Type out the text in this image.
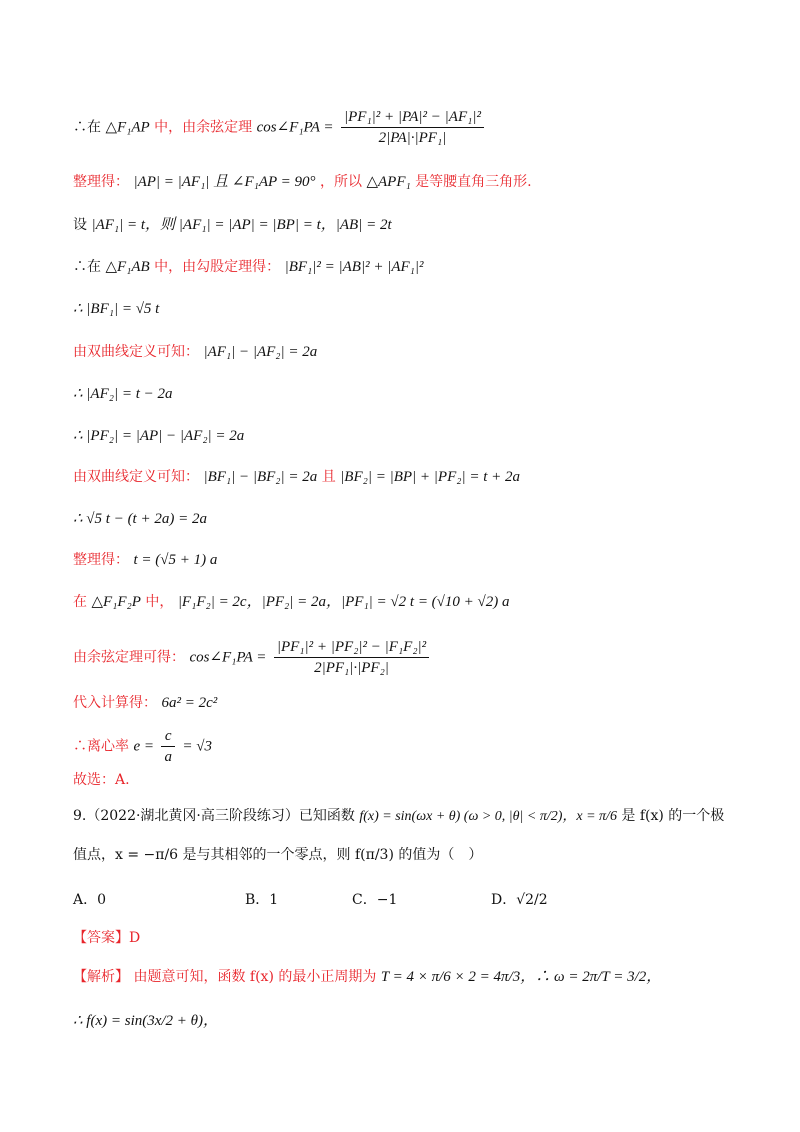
∴在 △F₁AP 中，由余弦定理 cos∠F₁PA = $\frac{\text{|PF₁|² + |PA|² − |AF₁|²}}{\text{2|PA|·|PF₁|}}$
整理得： |AP| = |AF₁| 且 ∠F₁AP = 90° ，所以 △APF₁ 是等腰直角三角形.
设 |AF₁| = t，则 |AF₁| = |AP| = |BP| = t，|AB| = 2t
∴在 △F₁AB 中，由勾股定理得： |BF₁|² = |AB|² + |AF₁|²
∴ |BF₁| = √5 t
由双曲线定义可知： |AF₁| − |AF₂| = 2a
∴ |AF₂| = t − 2a
∴ |PF₂| = |AP| − |AF₂| = 2a
由双曲线定义可知： |BF₁| − |BF₂| = 2a 且 |BF₂| = |BP| + |PF₂| = t + 2a
∴ √5 t − (t + 2a) = 2a
整理得： t = (√5 + 1) a
在 △F₁F₂P 中， |F₁F₂| = 2c，|PF₂| = 2a，|PF₁| = √2 t = (√10 + √2) a
由余弦定理可得： cos∠F₁PA = $\frac{\text{|PF₁|² + |PF₂|² − |F₁F₂|²}}{\text{2|PF₁|·|PF₂|}}$
代入计算得： 6a² = 2c²
∴离心率 $e = \frac{c}{a} = √3$
故选：A.
9.（2022·湖北黄冈·高三阶段练习）已知函数 f(x) = sin(ωx + θ) (ω > 0, |θ| < π/2)，x = π/6 是 f(x) 的一个极
值点，x = −π/6 是与其相邻的一个零点，则 f(π/3) 的值为（　）
A．0	B．1	C．−1	D．√2/2
【答案】D
【解析】 由题意可知，函数 f(x) 的最小正周期为 T = 4 × π/6 × 2 = 4π/3，∴ ω = 2π/T = 3/2，
∴ f(x) = sin(3x/2 + θ)，
